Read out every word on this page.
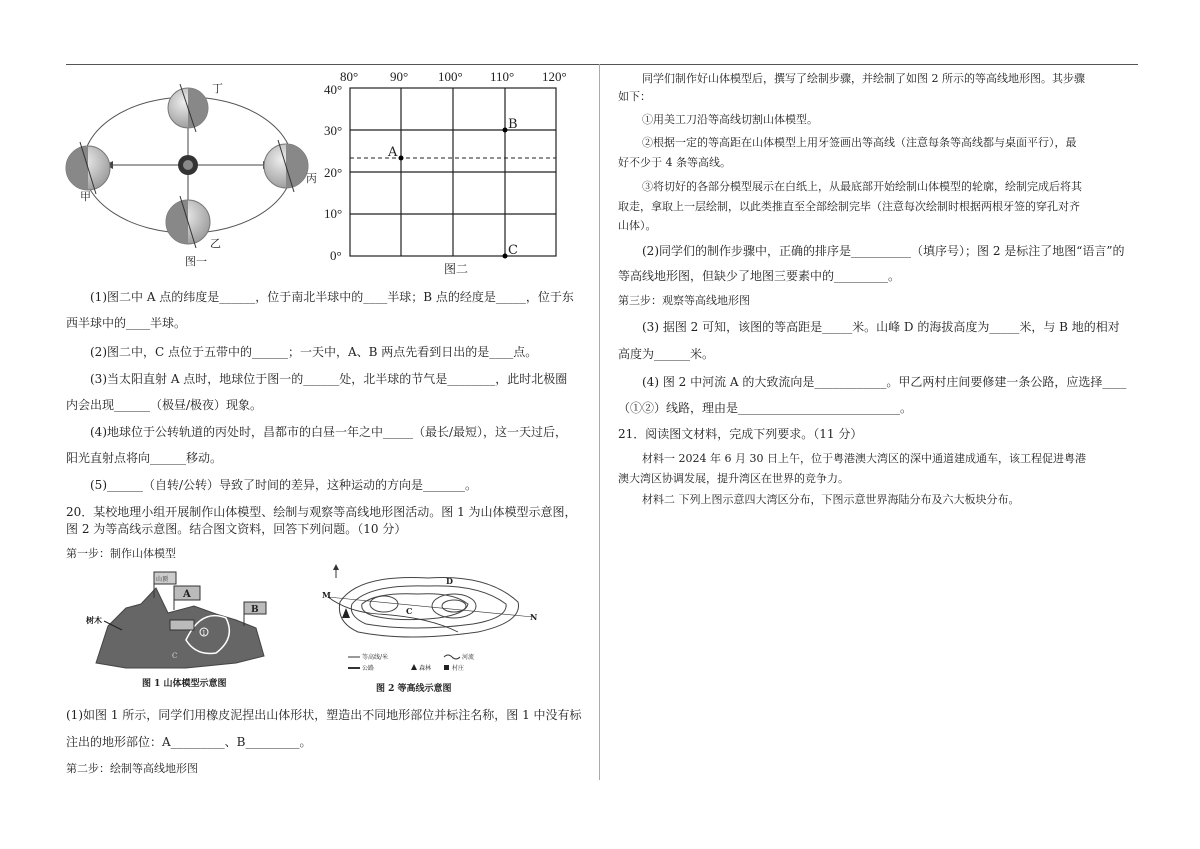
丁
甲
乙
丙
图一
80° 90° 100° 110° 120°
40°
30°
20°
10°
0°
A
B
C
图二
(1)图二中 A 点的纬度是______，位于南北半球中的____半球；B 点的经度是_____，位于东
西半球中的____半球。
(2)图二中，C 点位于五带中的______；一天中，A、B 两点先看到日出的是____点。
(3)当太阳直射 A 点时，地球位于图一的______处，北半球的节气是________，此时北极圈
内会出现______（极昼/极夜）现象。
(4)地球位于公转轨道的丙处时，昌都市的白昼一年之中_____（最长/最短），这一天过后，
阳光直射点将向______移动。
(5)______（自转/公转）导致了时间的差异，这种运动的方向是_______。
20．某校地理小组开展制作山体模型、绘制与观察等高线地形图活动。图 1 为山体模型示意图，
图 2 为等高线示意图。结合图文资料，回答下列问题。（10 分）
第一步：制作山体模型
山顶
A
B
1
树木
C
图 1 山体模型示意图
M
N
C
D
等高线/米	河流
公路	森林	村庄
图 2 等高线示意图
(1)如图 1 所示，同学们用橡皮泥捏出山体形状，塑造出不同地形部位并标注名称，图 1 中没有标
注出的地形部位：A_________、B_________。
第二步：绘制等高线地形图
同学们制作好山体模型后，撰写了绘制步骤，并绘制了如图 2 所示的等高线地形图。其步骤
如下：
①用美工刀沿等高线切割山体模型。
②根据一定的等高距在山体模型上用牙签画出等高线（注意每条等高线都与桌面平行），最
好不少于 4 条等高线。
③将切好的各部分模型展示在白纸上，从最底部开始绘制山体模型的轮廓，绘制完成后将其
取走，拿取上一层绘制，以此类推直至全部绘制完毕（注意每次绘制时根据两根牙签的穿孔对齐
山体）。
(2)同学们的制作步骤中，正确的排序是__________（填序号）；图 2 是标注了地图“语言”的
等高线地形图，但缺少了地图三要素中的_________。
第三步：观察等高线地形图
(3) 据图 2 可知，该图的等高距是_____米。山峰 D 的海拔高度为_____米，与 B 地的相对
高度为______米。
(4) 图 2 中河流 A 的大致流向是____________。甲乙两村庄间要修建一条公路，应选择____
（①②）线路，理由是___________________________。
21．阅读图文材料，完成下列要求。（11 分）
材料一 2024 年 6 月 30 日上午，位于粤港澳大湾区的深中通道建成通车，该工程促进粤港
澳大湾区协调发展，提升湾区在世界的竞争力。
材料二 下列上图示意四大湾区分布，下图示意世界海陆分布及六大板块分布。
